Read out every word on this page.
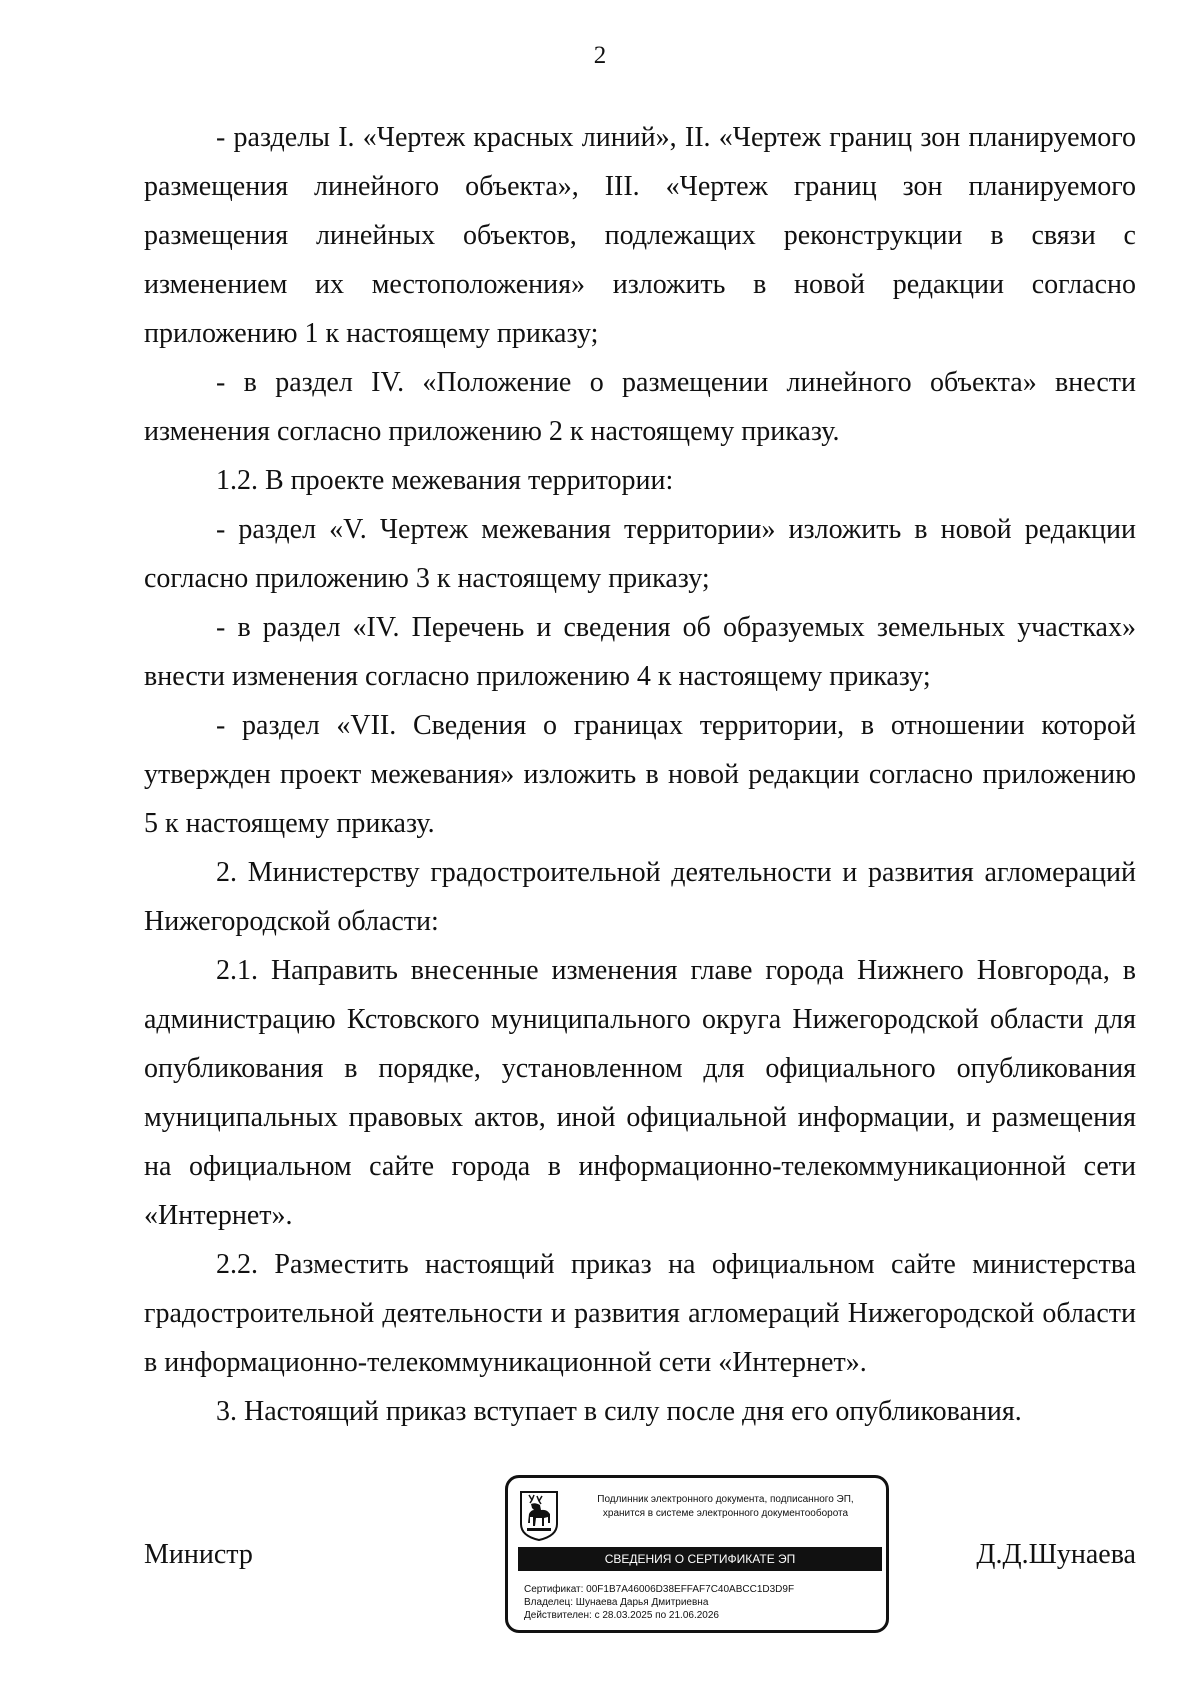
2

- разделы I. «Чертеж красных линий», II. «Чертеж границ зон планируемого размещения линейного объекта», III. «Чертеж границ зон планируемого размещения линейных объектов, подлежащих реконструкции в связи с изменением их местоположения» изложить в новой редакции согласно приложению 1 к настоящему приказу;

- в раздел IV. «Положение о размещении линейного объекта» внести изменения согласно приложению 2 к настоящему приказу.

1.2. В проекте межевания территории:

- раздел «V. Чертеж межевания территории» изложить в новой редакции согласно приложению 3 к настоящему приказу;

- в раздел «IV. Перечень и сведения об образуемых земельных участках» внести изменения согласно приложению 4 к настоящему приказу;

- раздел «VII. Сведения о границах территории, в отношении которой утвержден проект межевания» изложить в новой редакции согласно приложению 5 к настоящему приказу.

2. Министерству градостроительной деятельности и развития агломераций Нижегородской области:

2.1. Направить внесенные изменения главе города Нижнего Новгорода, в администрацию Кстовского муниципального округа Нижегородской области для опубликования в порядке, установленном для официального опубликования муниципальных правовых актов, иной официальной информации, и размещения на официальном сайте города в информационно-телекоммуникационной сети «Интернет».

2.2. Разместить настоящий приказ на официальном сайте министерства градостроительной деятельности и развития агломераций Нижегородской области в информационно-телекоммуникационной сети «Интернет».

3. Настоящий приказ вступает в силу после дня его опубликования.

Министр	Д.Д.Шунаева
Подлинник электронного документа, подписанного ЭП,
хранится в системе электронного документооборота
СВЕДЕНИЯ О СЕРТИФИКАТЕ ЭП
Сертификат: 00F1B7A46006D38EFFAF7C40ABCC1D3D9F
Владелец: Шунаева Дарья Дмитриевна
Действителен: с 28.03.2025 по 21.06.2026
